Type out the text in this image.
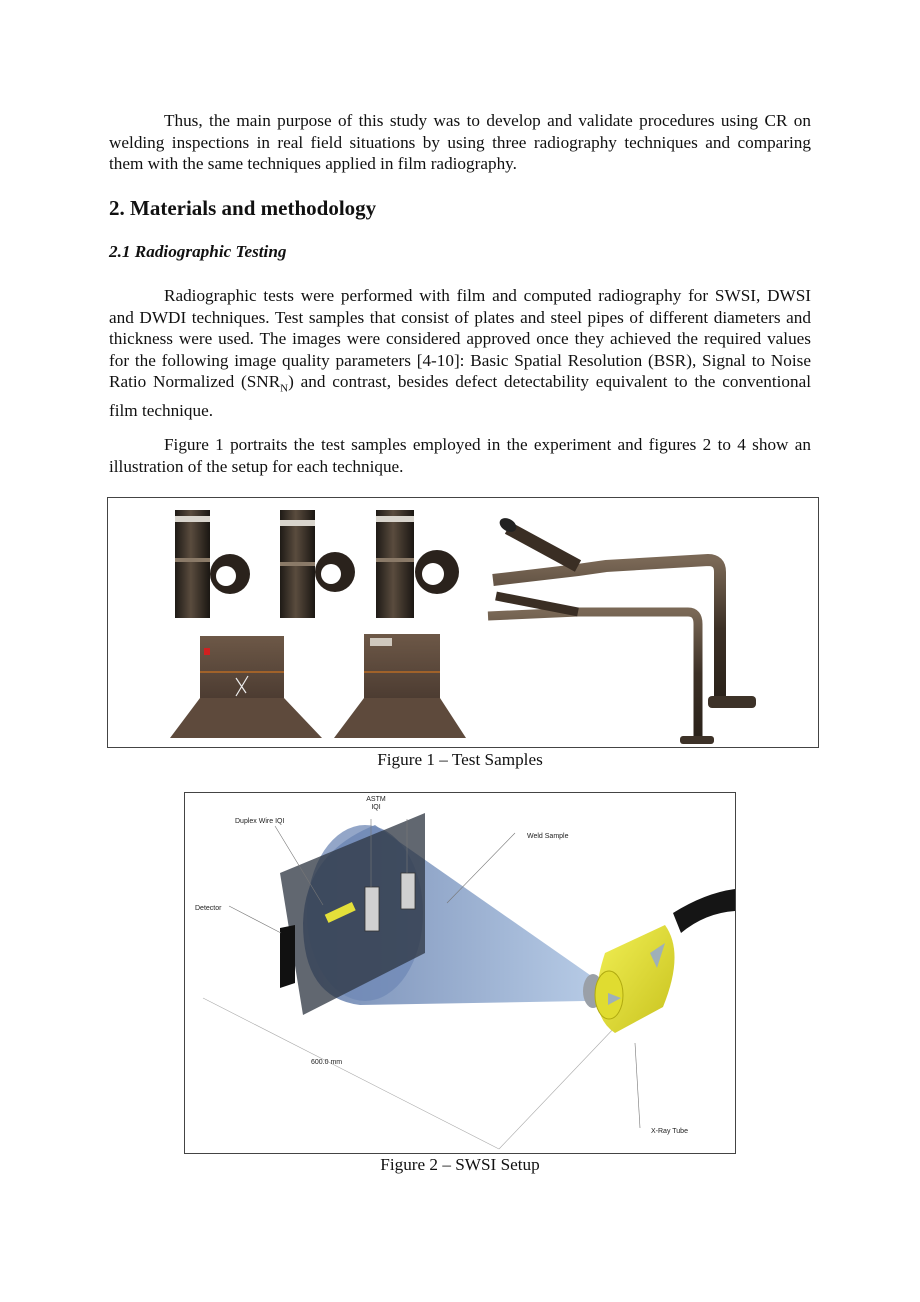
Thus, the main purpose of this study was to develop and validate procedures using CR on welding inspections in real field situations by using three radiography techniques and comparing them with the same techniques applied in film radiography.

2. Materials and methodology
2.1 Radiographic Testing

Radiographic tests were performed with film and computed radiography for SWSI, DWSI and DWDI techniques. Test samples that consist of plates and steel pipes of different diameters and thickness were used. The images were considered approved once they achieved the required values for the following image quality parameters [4-10]: Basic Spatial Resolution (BSR), Signal to Noise Ratio Normalized $(SNR_N)$ and contrast, besides defect detectability equivalent to the conventional film technique.

Figure 1 portraits the test samples employed in the experiment and figures 2 to 4 show an illustration of the setup for each technique.

Figure 1 – Test Samples
ASTM
IQI
Duplex Wire IQI
Weld Sample
Detector
600.0 mm
X-Ray Tube
Figure 2 – SWSI Setup
